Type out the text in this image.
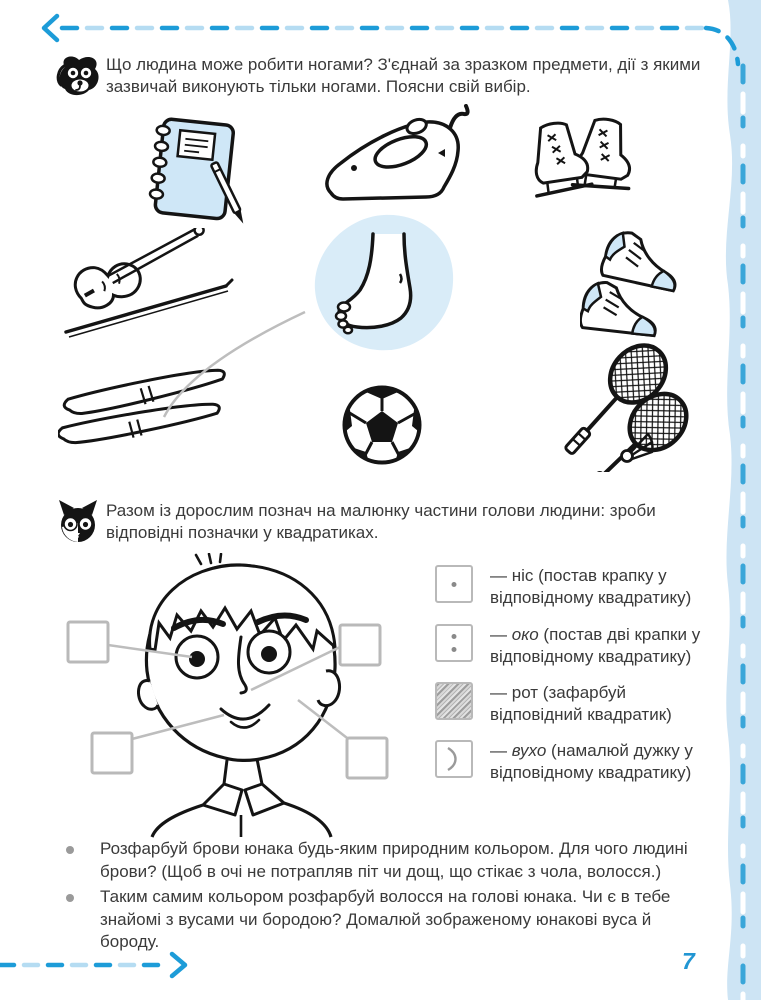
7
Що людина може робити ногами? З'єднай за зразком предмети, дії з якими зазвичай виконують тільки ногами. Поясни свій вибір.
Разом із дорослим познач на малюнку частини голови людини: зроби відповідні позначки у квадратиках.
— ніс (постав крапку у відповідному квадратику)
— око (постав дві крапки у відповідному квадратику)
— рот (зафарбуй відповідний квадратик)
— вухо (намалюй дужку у відповідному квадратику)
Розфарбуй брови юнака будь-яким природним кольором. Для чого людині брови? (Щоб в очі не потрапляв піт чи дощ, що стікає з чола, волосся.)
Таким самим кольором розфарбуй волосся на голові юнака. Чи є в тебе знайомі з вусами чи бородою? Домалюй зображеному юнакові вуса й бороду.
